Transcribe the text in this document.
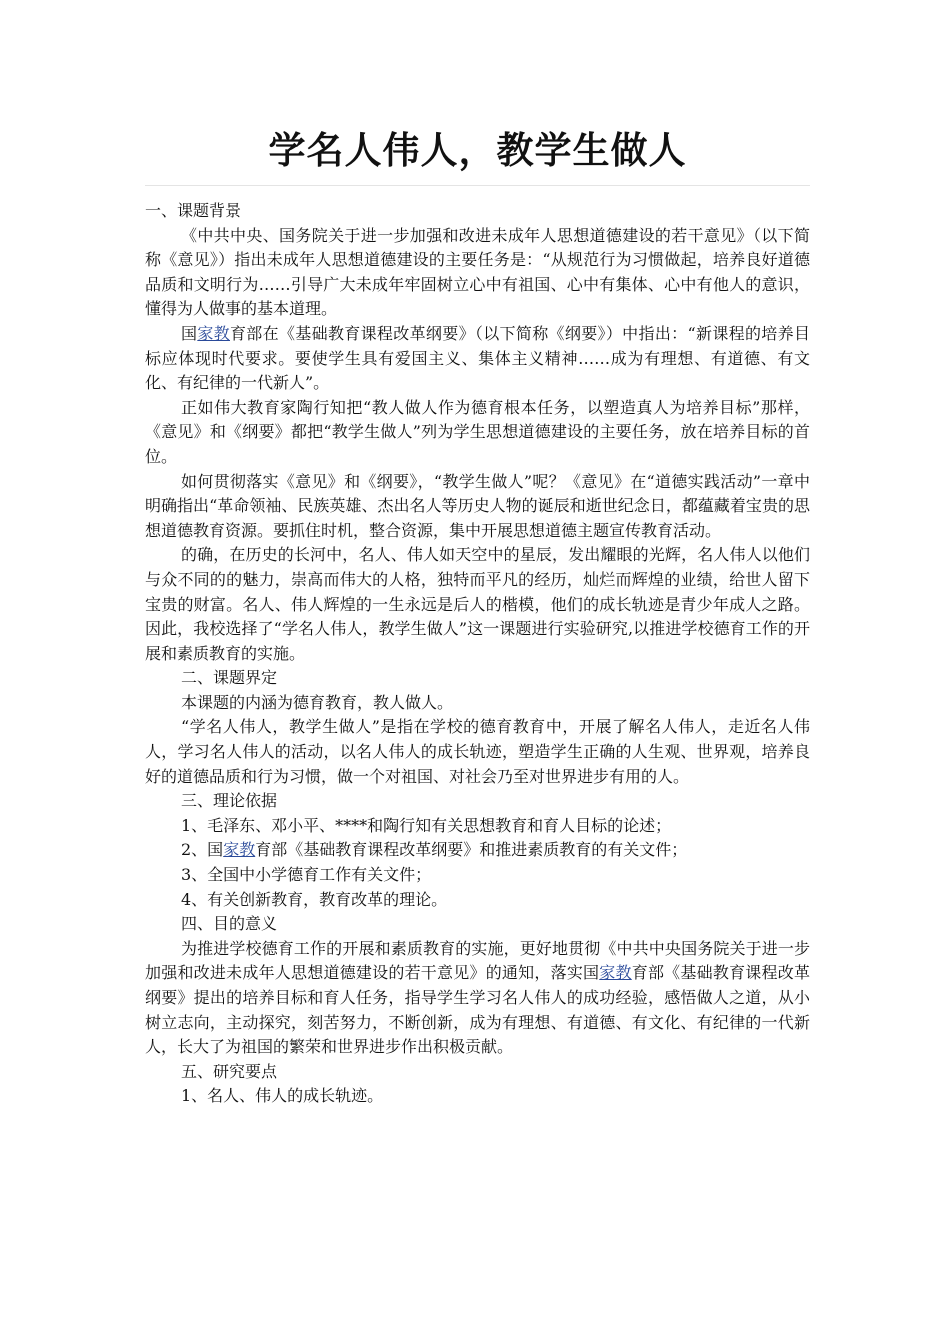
学名人伟人，教学生做人

一、课题背景

《中共中央、国务院关于进一步加强和改进未成年人思想道德建设的若干意见》（以下简称《意见》）指出未成年人思想道德建设的主要任务是：“从规范行为习惯做起，培养良好道德品质和文明行为……引导广大未成年牢固树立心中有祖国、心中有集体、心中有他人的意识，懂得为人做事的基本道理。

国家教育部在《基础教育课程改革纲要》（以下简称《纲要》）中指出：“新课程的培养目标应体现时代要求。要使学生具有爱国主义、集体主义精神……成为有理想、有道德、有文化、有纪律的一代新人”。

正如伟大教育家陶行知把“教人做人作为德育根本任务，以塑造真人为培养目标”那样，《意见》和《纲要》都把“教学生做人”列为学生思想道德建设的主要任务，放在培养目标的首位。

如何贯彻落实《意见》和《纲要》，“教学生做人”呢？《意见》在“道德实践活动”一章中明确指出“革命领袖、民族英雄、杰出名人等历史人物的诞辰和逝世纪念日，都蕴藏着宝贵的思想道德教育资源。要抓住时机，整合资源，集中开展思想道德主题宣传教育活动。

的确，在历史的长河中，名人、伟人如天空中的星辰，发出耀眼的光辉，名人伟人以他们与众不同的的魅力，崇高而伟大的人格，独特而平凡的经历，灿烂而辉煌的业绩，给世人留下宝贵的财富。名人、伟人辉煌的一生永远是后人的楷模，他们的成长轨迹是青少年成人之路。因此，我校选择了“学名人伟人，教学生做人”这一课题进行实验研究,以推进学校德育工作的开展和素质教育的实施。

二、课题界定

本课题的内涵为德育教育，教人做人。

“学名人伟人，教学生做人”是指在学校的德育教育中，开展了解名人伟人，走近名人伟人，学习名人伟人的活动，以名人伟人的成长轨迹，塑造学生正确的人生观、世界观，培养良好的道德品质和行为习惯，做一个对祖国、对社会乃至对世界进步有用的人。

三、理论依据

1、毛泽东、邓小平、****和陶行知有关思想教育和育人目标的论述；

2、国家教育部《基础教育课程改革纲要》和推进素质教育的有关文件；

3、全国中小学德育工作有关文件；

4、有关创新教育，教育改革的理论。

四、目的意义

为推进学校德育工作的开展和素质教育的实施，更好地贯彻《中共中央国务院关于进一步加强和改进未成年人思想道德建设的若干意见》的通知，落实国家教育部《基础教育课程改革纲要》提出的培养目标和育人任务，指导学生学习名人伟人的成功经验，感悟做人之道，从小树立志向，主动探究，刻苦努力，不断创新，成为有理想、有道德、有文化、有纪律的一代新人，长大了为祖国的繁荣和世界进步作出积极贡献。

五、研究要点

1、名人、伟人的成长轨迹。
